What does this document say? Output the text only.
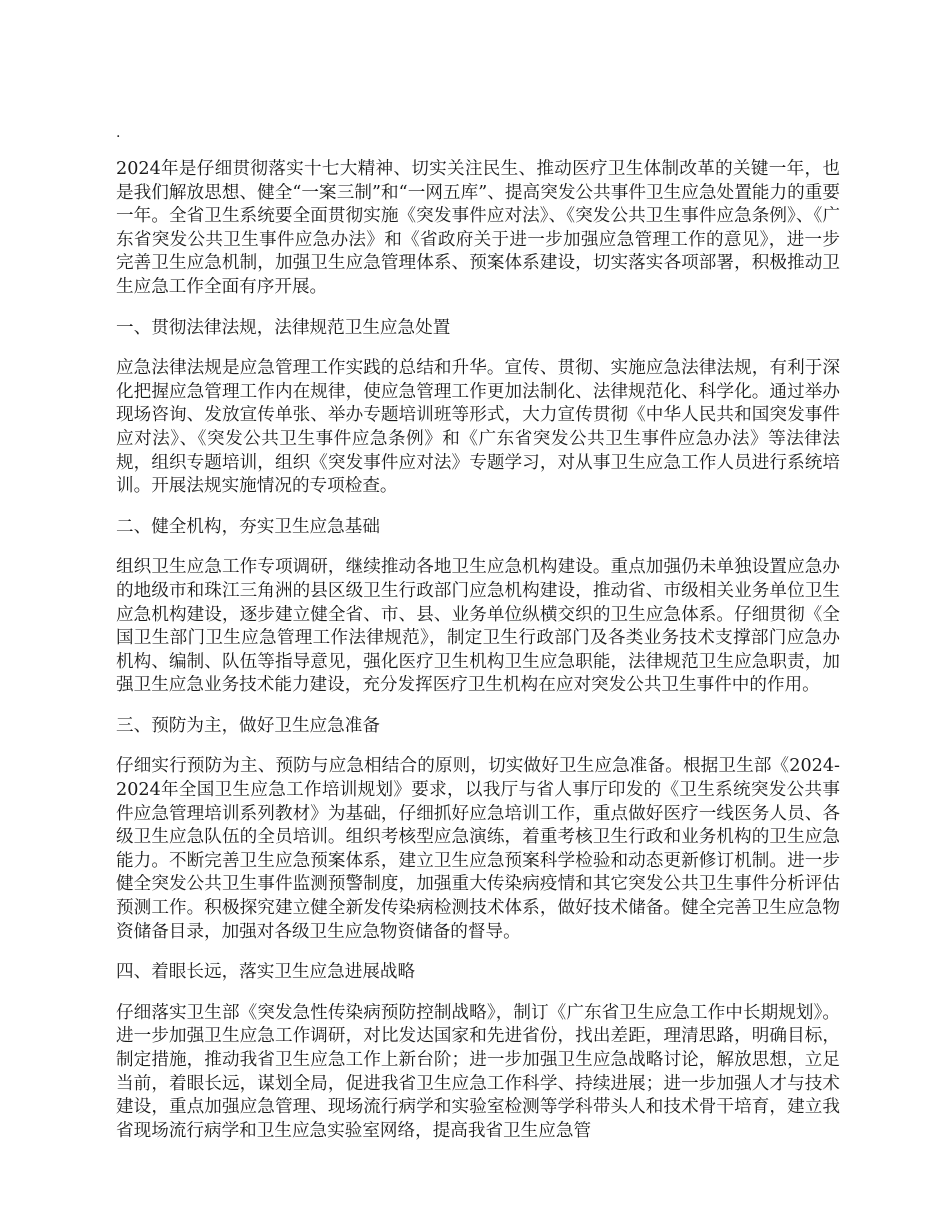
.

2024年是仔细贯彻落实十七大精神、切实关注民生、推动医疗卫生体制改革的关键一年，也是我们解放思想、健全“一案三制”和“一网五库”、提高突发公共事件卫生应急处置能力的重要一年。全省卫生系统要全面贯彻实施《突发事件应对法》、《突发公共卫生事件应急条例》、《广东省突发公共卫生事件应急办法》和《省政府关于进一步加强应急管理工作的意见》，进一步完善卫生应急机制，加强卫生应急管理体系、预案体系建设，切实落实各项部署，积极推动卫生应急工作全面有序开展。

一、贯彻法律法规，法律规范卫生应急处置

应急法律法规是应急管理工作实践的总结和升华。宣传、贯彻、实施应急法律法规，有利于深化把握应急管理工作内在规律，使应急管理工作更加法制化、法律规范化、科学化。通过举办现场咨询、发放宣传单张、举办专题培训班等形式，大力宣传贯彻《中华人民共和国突发事件应对法》、《突发公共卫生事件应急条例》和《广东省突发公共卫生事件应急办法》等法律法规，组织专题培训，组织《突发事件应对法》专题学习，对从事卫生应急工作人员进行系统培训。开展法规实施情况的专项检查。

二、健全机构，夯实卫生应急基础

组织卫生应急工作专项调研，继续推动各地卫生应急机构建设。重点加强仍未单独设置应急办的地级市和珠江三角洲的县区级卫生行政部门应急机构建设，推动省、市级相关业务单位卫生应急机构建设，逐步建立健全省、市、县、业务单位纵横交织的卫生应急体系。仔细贯彻《全国卫生部门卫生应急管理工作法律规范》，制定卫生行政部门及各类业务技术支撑部门应急办机构、编制、队伍等指导意见，强化医疗卫生机构卫生应急职能，法律规范卫生应急职责，加强卫生应急业务技术能力建设，充分发挥医疗卫生机构在应对突发公共卫生事件中的作用。

三、预防为主，做好卫生应急准备

仔细实行预防为主、预防与应急相结合的原则，切实做好卫生应急准备。根据卫生部《2024-2024年全国卫生应急工作培训规划》要求，以我厅与省人事厅印发的《卫生系统突发公共事件应急管理培训系列教材》为基础，仔细抓好应急培训工作，重点做好医疗一线医务人员、各级卫生应急队伍的全员培训。组织考核型应急演练，着重考核卫生行政和业务机构的卫生应急能力。不断完善卫生应急预案体系，建立卫生应急预案科学检验和动态更新修订机制。进一步健全突发公共卫生事件监测预警制度，加强重大传染病疫情和其它突发公共卫生事件分析评估预测工作。积极探究建立健全新发传染病检测技术体系，做好技术储备。健全完善卫生应急物资储备目录，加强对各级卫生应急物资储备的督导。

四、着眼长远，落实卫生应急进展战略

仔细落实卫生部《突发急性传染病预防控制战略》，制订《广东省卫生应急工作中长期规划》。进一步加强卫生应急工作调研，对比发达国家和先进省份，找出差距，理清思路，明确目标，制定措施，推动我省卫生应急工作上新台阶；进一步加强卫生应急战略讨论，解放思想，立足当前，着眼长远，谋划全局，促进我省卫生应急工作科学、持续进展；进一步加强人才与技术建设，重点加强应急管理、现场流行病学和实验室检测等学科带头人和技术骨干培育，建立我省现场流行病学和卫生应急实验室网络，提高我省卫生应急管
